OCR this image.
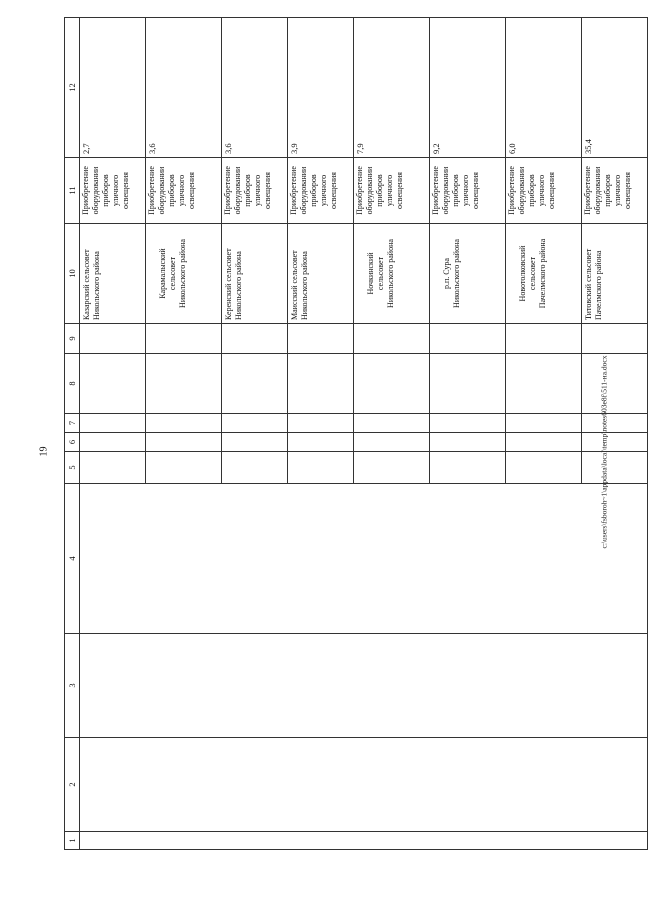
19	c:\users\fsboroh~1\appdata\local\temp\notes603e8f\511-на.docx
1	2	3	4	5	6	7	8	9	10	11	12
									Казарский сельсовет
Никольского района	Приобретение
оборудовании
приборов
уличного
освещения	2,7
									Карамалыский
сельсовет
Никольского района	Приобретение
оборудовании
приборов
уличного
освещения	3,6
									Керенский сельсовет
Никольского района	Приобретение
оборудовании
приборов
уличного
освещения	3,6
									Маисский сельсовет
Никольского района	Приобретение
оборудовании
приборов
уличного
освещения	3,9
									Ночкинский
сельсовет
Никольского района	Приобретение
оборудовании
приборов
уличного
освещения	7,9
									р.п. Сура
Никольского района	Приобретение
оборудовании
приборов
уличного
освещения	9,2
									Новотолковский
сельсовет
Пачелмского района	Приобретение
оборудовании
приборов
уличного
освещения	6,0
									Титовский сельсовет
Пачелмского района	Приобретение
оборудовании
приборов
уличного
освещения	35,4
